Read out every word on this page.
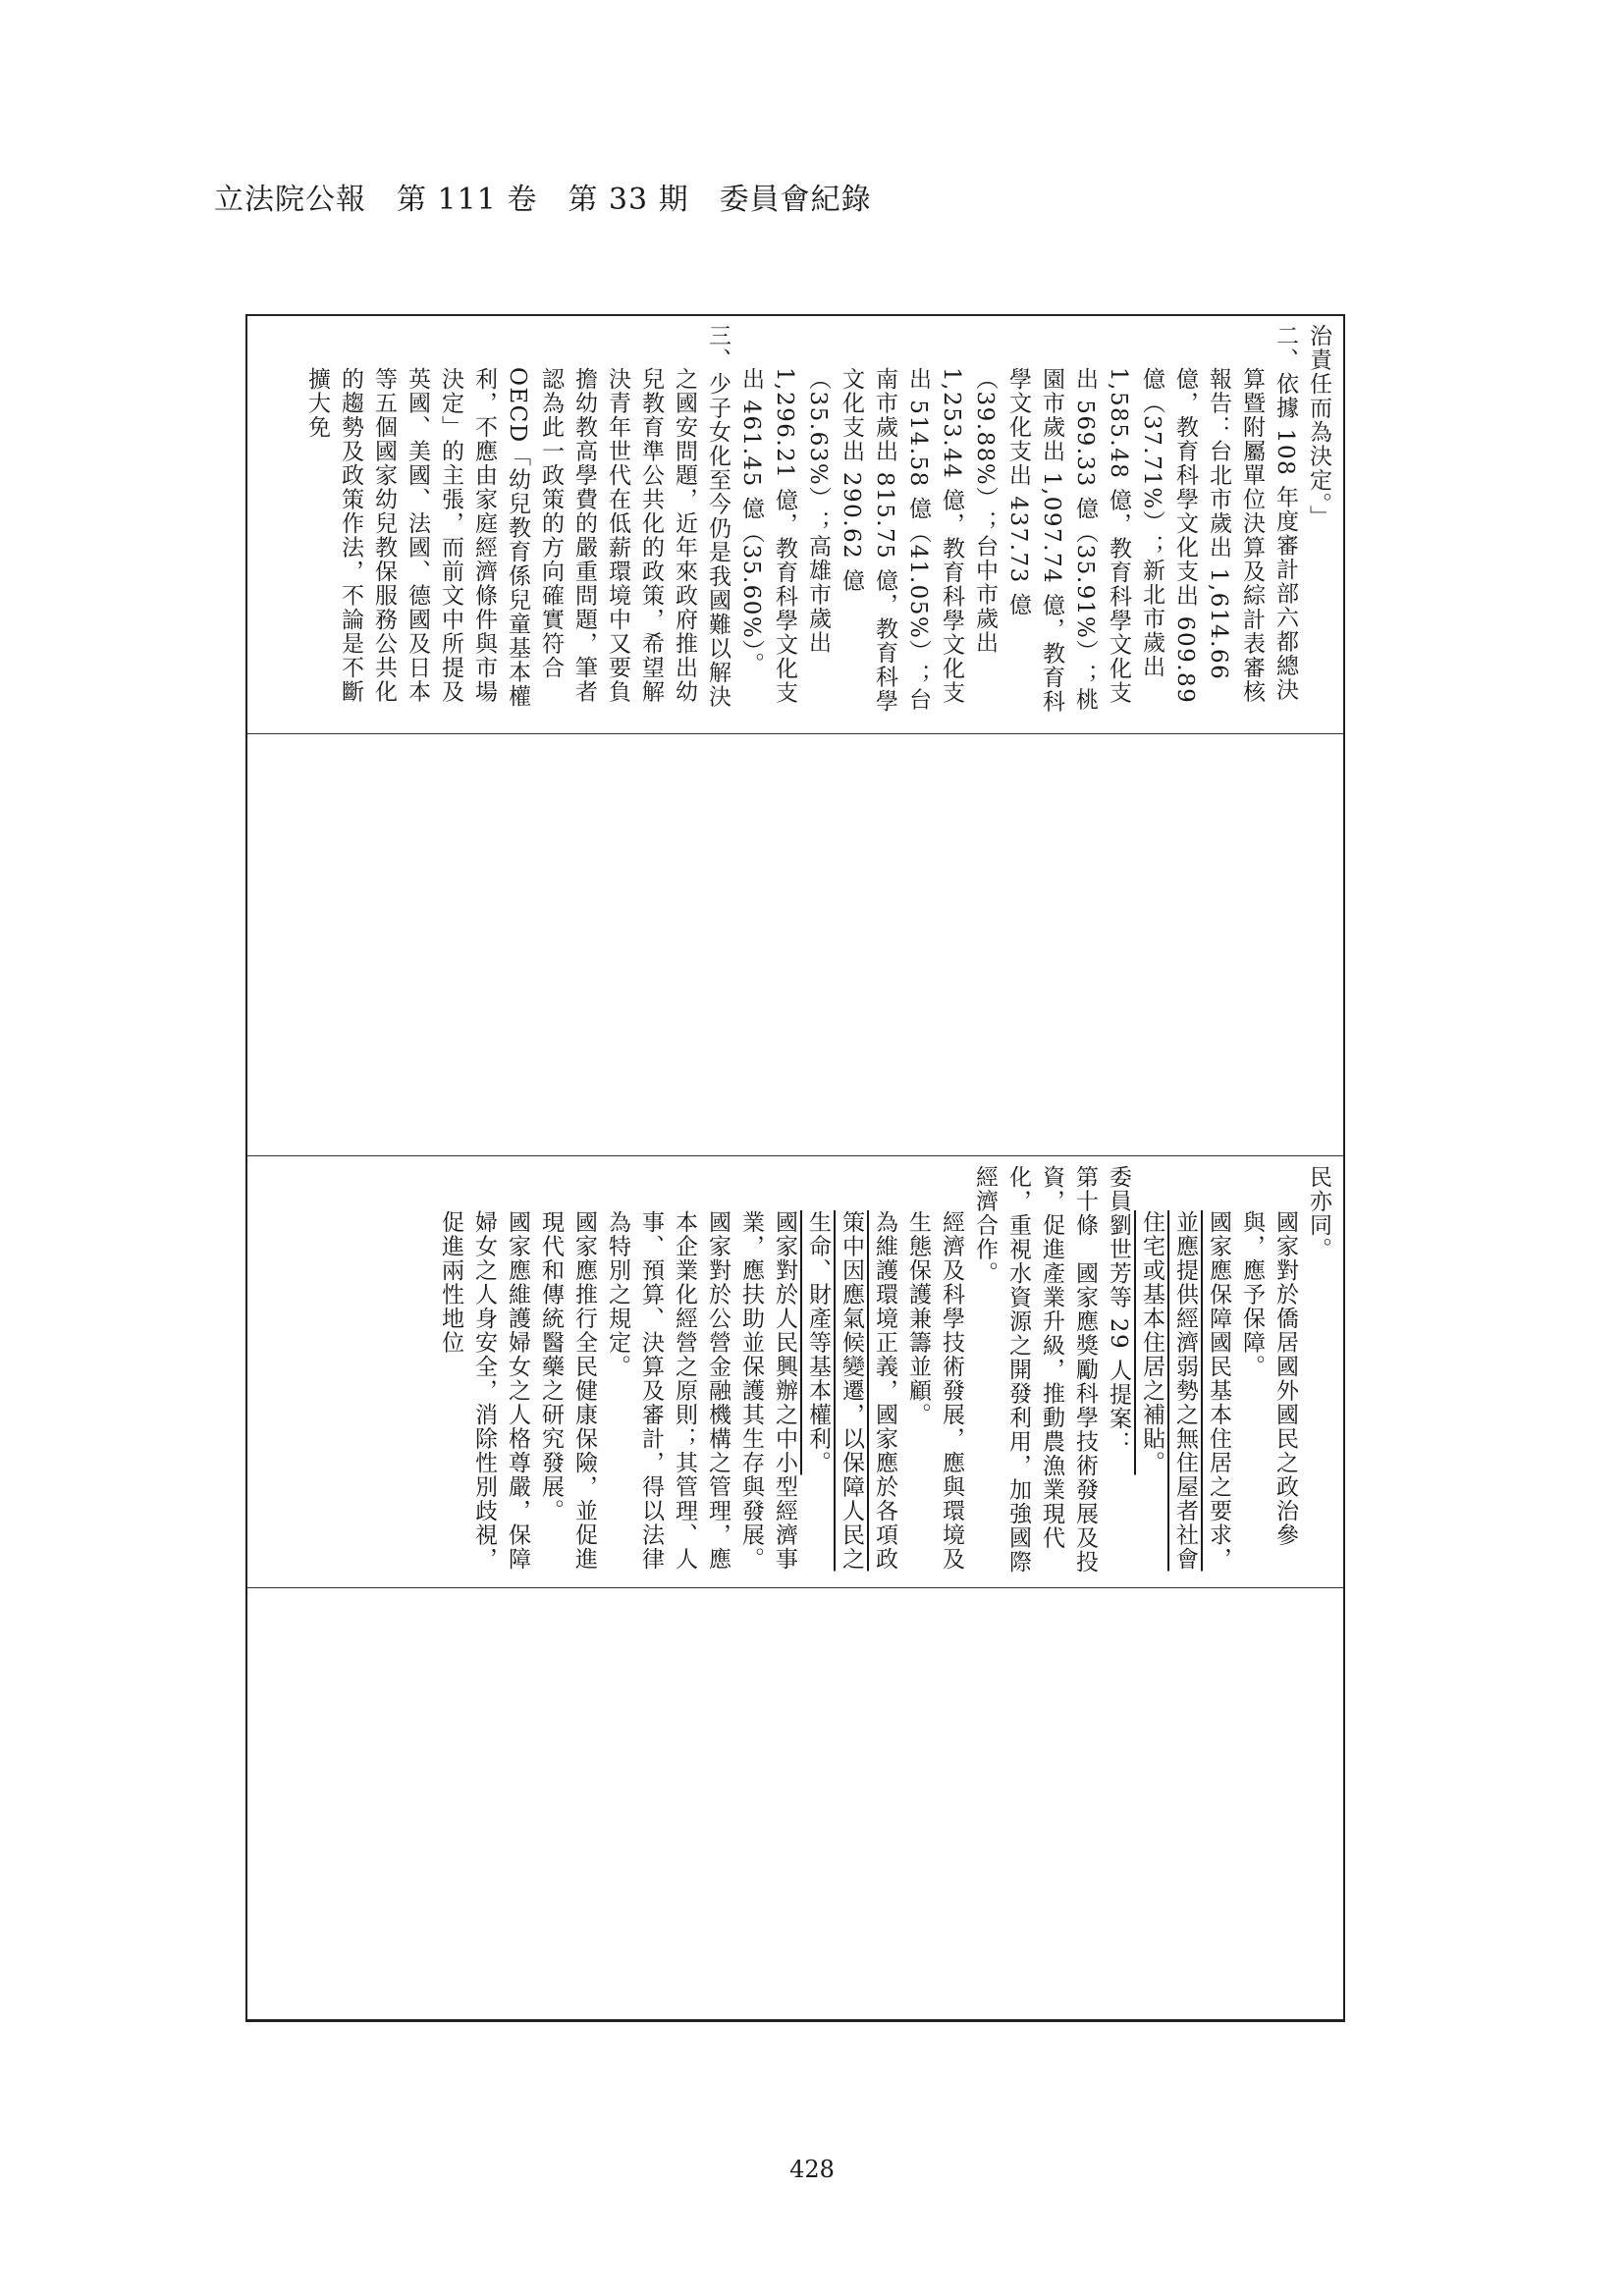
立法院公報　第 111 卷　第 33 期　委員會紀錄

治責任而為決定。」

二、依據 108 年度審計部六都總決算暨附屬單位決算及綜計表審核報告：台北市歲出 1,614.66 億，教育科學文化支出 609.89 億（37.71%）；新北市歲出 1,585.48 億，教育科學文化支出 569.33 億（35.91%）；桃園市歲出 1,097.74 億，教育科學文化支出 437.73 億（39.88%）；台中市歲出 1,253.44 億，教育科學文化支出 514.58 億（41.05%）；台南市歲出 815.75 億，教育科學文化支出 290.62 億（35.63%）；高雄市歲出 1,296.21 億，教育科學文化支出 461.45 億（35.60%）。

三、少子女化至今仍是我國難以解決之國安問題，近年來政府推出幼兒教育準公共化的政策，希望解決青年世代在低薪環境中又要負擔幼教高學費的嚴重問題，筆者認為此一政策的方向確實符合 OECD「幼兒教育係兒童基本權利，不應由家庭經濟條件與市場決定」的主張，而前文中所提及英國、美國、法國、德國及日本等五個國家幼兒教保服務公共化的趨勢及政策作法，不論是不斷擴大免

民亦同。

國家對於僑居國外國民之政治參與，應予保障。

國家應保障國民基本住居之要求，並應提供經濟弱勢之無住屋者社會住宅或基本住居之補貼。

委員劉世芳等 29 人提案：

第十條　國家應獎勵科學技術發展及投資，促進產業升級，推動農漁業現代化，重視水資源之開發利用，加強國際經濟合作。

經濟及科學技術發展，應與環境及生態保護兼籌並顧。

為維護環境正義，國家應於各項政策中因應氣候變遷，以保障人民之生命、財產等基本權利。

國家對於人民興辦之中小型經濟事業，應扶助並保護其生存與發展。

國家對於公營金融機構之管理，應本企業化經營之原則；其管理、人事、預算、決算及審計，得以法律為特別之規定。

國家應推行全民健康保險，並促進現代和傳統醫藥之研究發展。

國家應維護婦女之人格尊嚴，保障婦女之人身安全，消除性別歧視，促進兩性地位

428
